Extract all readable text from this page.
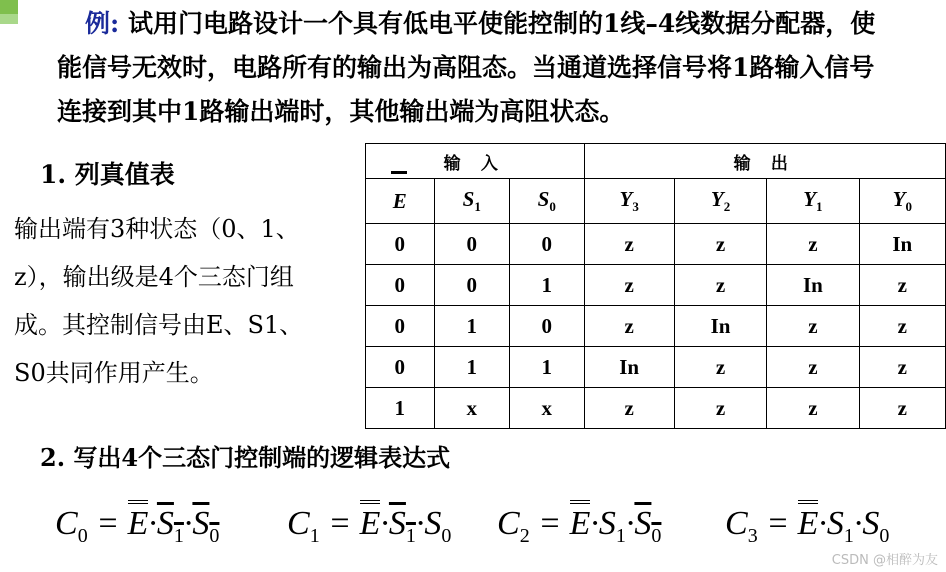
例: 试用门电路设计一个具有低电平使能控制的1线–4线数据分配器，使
能信号无效时，电路所有的输出为高阻态。当通道选择信号将1路输入信号
连接到其中1路输出端时，其他输出端为高阻状态。
1. 列真值表
输出端有3种状态（0、1、
z），输出级是4个三态门组
成。其控制信号由E、S1、
S0共同作用产生。
输 入			输 出			
E	$S_1$	$S_0$	$Y_3$	$Y_2$	$Y_1$	$Y_0$
0	0	0	z	z	z	In
0	0	1	z	z	In	z
0	1	0	z	In	z	z
0	1	1	In	z	z	z
1	x	x	z	z	z	z
2. 写出4个三态门控制端的逻辑表达式
$C_0 = E\cdot S_1\cdot S_0$ $C_1 = E\cdot S_1\cdot S_0$ $C_2 = E\cdot S_1\cdot S_0$ $C_3 = E\cdot S_1\cdot S_0$
CSDN @相醉为友
